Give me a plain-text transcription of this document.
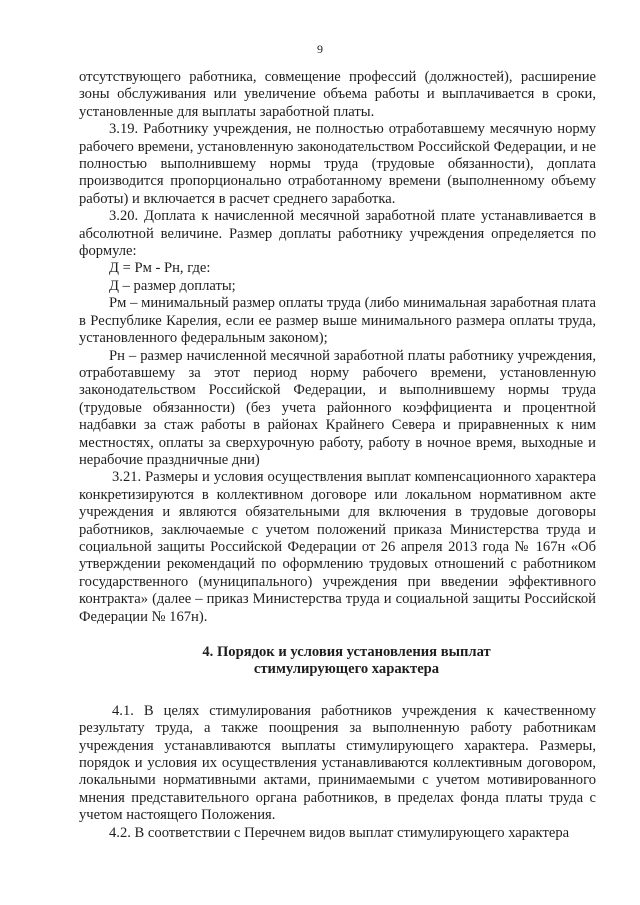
9

отсутствующего работника, совмещение профессий (должностей), расширение зоны обслуживания или увеличение объема работы и выплачивается в сроки, установленные для выплаты заработной платы.

3.19. Работнику учреждения, не полностью отработавшему месячную норму рабочего времени, установленную законодательством Российской Федерации, и не полностью выполнившему нормы труда (трудовые обязанности), доплата производится пропорционально отработанному времени (выполненному объему работы) и включается в расчет среднего заработка.

3.20. Доплата к начисленной месячной заработной плате устанавливается в абсолютной величине. Размер доплаты работнику учреждения определяется по формуле:

Д = Рм - Рн, где:

Д – размер доплаты;

Рм – минимальный размер оплаты труда (либо минимальная заработная плата в Республике Карелия, если ее размер выше минимального размера оплаты труда, установленного федеральным законом);

Рн – размер начисленной месячной заработной платы работнику учреждения, отработавшему за этот период норму рабочего времени, установленную законодательством Российской Федерации, и выполнившему нормы труда (трудовые обязанности) (без учета районного коэффициента и процентной надбавки за стаж работы в районах Крайнего Севера и приравненных к ним местностях, оплаты за сверхурочную работу, работу в ночное время, выходные и нерабочие праздничные дни)

3.21. Размеры и условия осуществления выплат компенсационного характера конкретизируются в коллективном договоре или локальном нормативном акте учреждения и являются обязательными для включения в трудовые договоры работников, заключаемые с учетом положений приказа Министерства труда и социальной защиты Российской Федерации от 26 апреля 2013 года № 167н «Об утверждении рекомендаций по оформлению трудовых отношений с работником государственного (муниципального) учреждения при введении эффективного контракта» (далее – приказ Министерства труда и социальной защиты Российской Федерации № 167н).

4. Порядок и условия установления выплат
стимулирующего характера

4.1. В целях стимулирования работников учреждения к качественному результату труда, а также поощрения за выполненную работу работникам учреждения устанавливаются выплаты стимулирующего характера. Размеры, порядок и условия их осуществления устанавливаются коллективным договором, локальными нормативными актами, принимаемыми с учетом мотивированного мнения представительного органа работников, в пределах фонда платы труда с учетом настоящего Положения.

4.2. В соответствии с Перечнем видов выплат стимулирующего характера
